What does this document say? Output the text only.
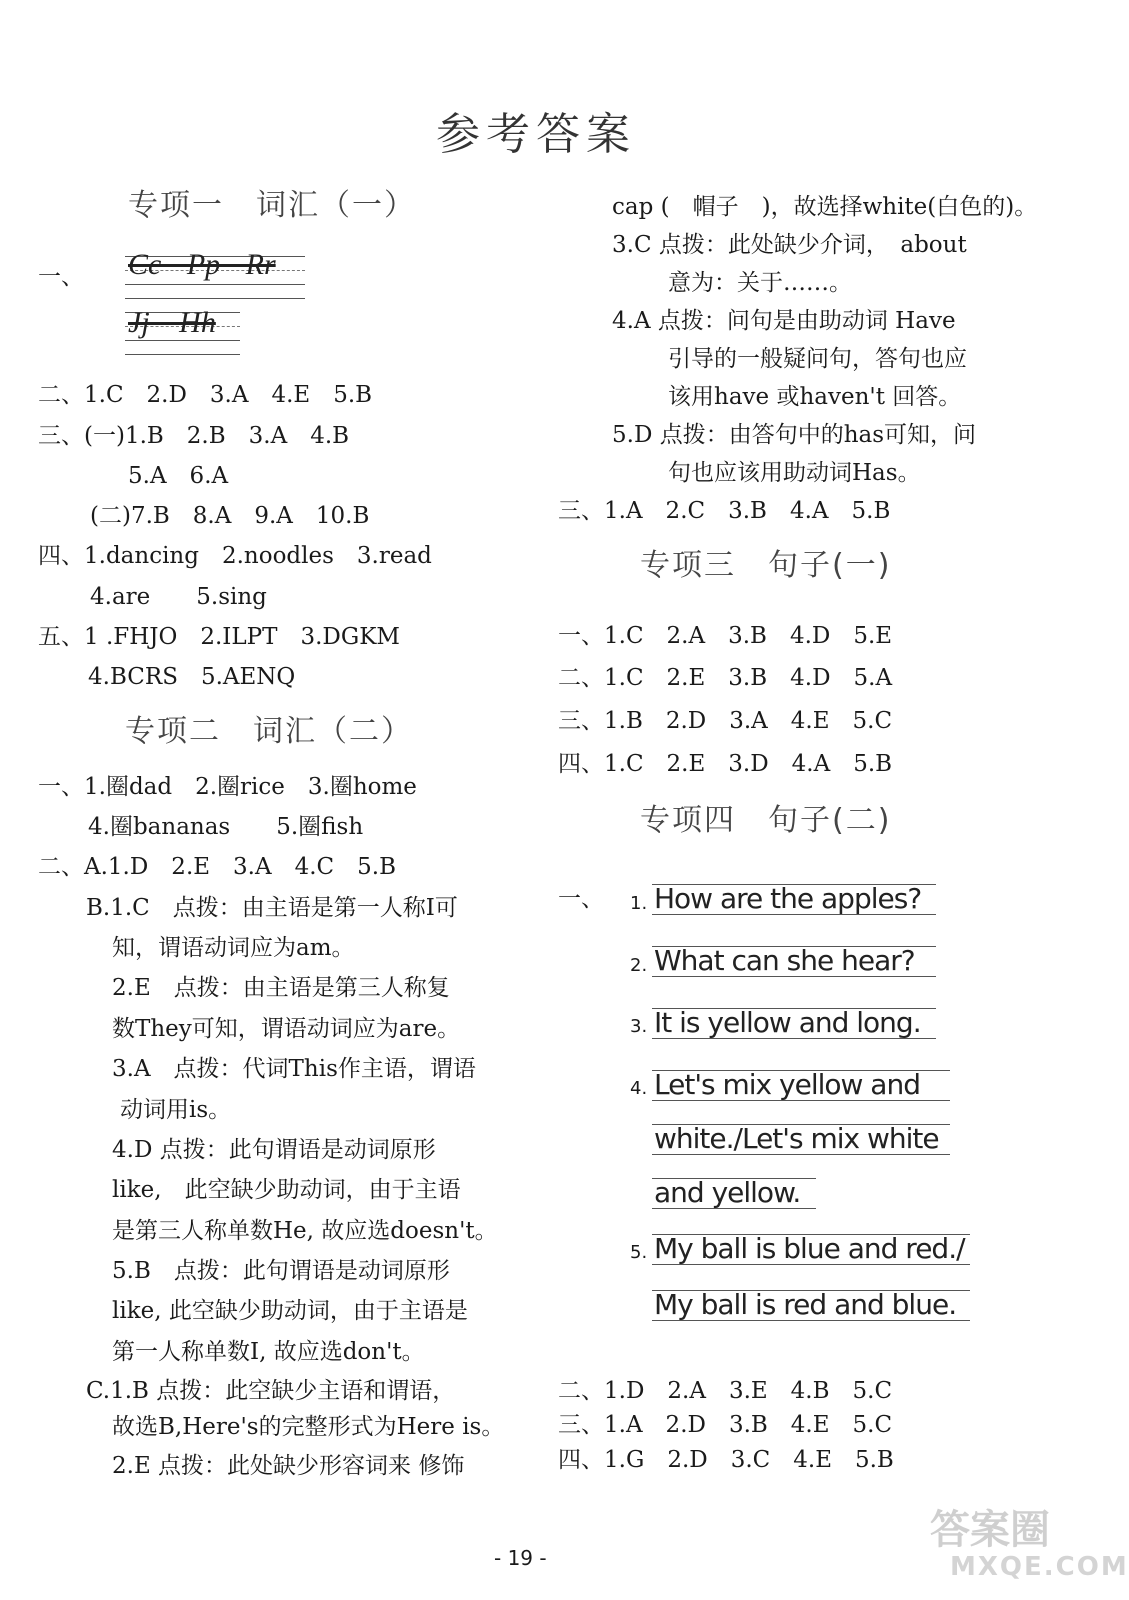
参考答案
专项一　词汇（一）
一、 Cc Pp Rr
Jj Hh
二、1.C　2.D　3.A　4.E　5.B
三、(一)1.B　2.B　3.A　4.B
5.A　6.A
(二)7.B　8.A　9.A　10.B
四、1.dancing　2.noodles　3.read
4.are　　5.sing
五、1 .FHJO　2.ILPT　3.DGKM
4.BCRS　5.AENQ
专项二　词汇（二）
一、1.圈dad　2.圈rice　3.圈home
4.圈bananas　　5.圈fish
二、A.1.D　2.E　3.A　4.C　5.B
B.1.C　点拨：由主语是第一人称I可
知，谓语动词应为am。
2.E　点拨：由主语是第三人称复
数They可知，谓语动词应为are。
3.A　点拨：代词This作主语，谓语
动词用is。
4.D 点拨：此句谓语是动词原形
like,　此空缺少助动词，由于主语
是第三人称单数He, 故应选doesn't。
5.B　点拨：此句谓语是动词原形
like, 此空缺少助动词，由于主语是
第一人称单数I, 故应选don't。
C.1.B 点拨：此空缺少主语和谓语，
故选B,Here's的完整形式为Here is。
2.E 点拨：此处缺少形容词来 修饰
cap (　帽子　)，故选择white(白色的)。
3.C 点拨：此处缺少介词，　about
意为：关于……。
4.A 点拨：问句是由助动词 Have
引导的一般疑问句，答句也应
该用have 或haven't 回答。
5.D 点拨：由答句中的has可知，问
句也应该用助动词Has。
三、1.A　2.C　3.B　4.A　5.B
专项三　句子(一)
一、1.C　2.A　3.B　4.D　5.E
二、1.C　2.E　3.B　4.D　5.A
三、1.B　2.D　3.A　4.E　5.C
四、1.C　2.E　3.D　4.A　5.B
专项四　句子(二)
一、 1. How are the apples?
2. What can she hear?
3. It is yellow and long.
4. Let's mix yellow and
white./Let's mix white
and yellow.
5. My ball is blue and red./
My ball is red and blue.
二、1.D　2.A　3.E　4.B　5.C
三、1.A　2.D　3.B　4.E　5.C
四、1.G　2.D　3.C　4.E　5.B
- 19 -
答案圈
MXQE.COM
